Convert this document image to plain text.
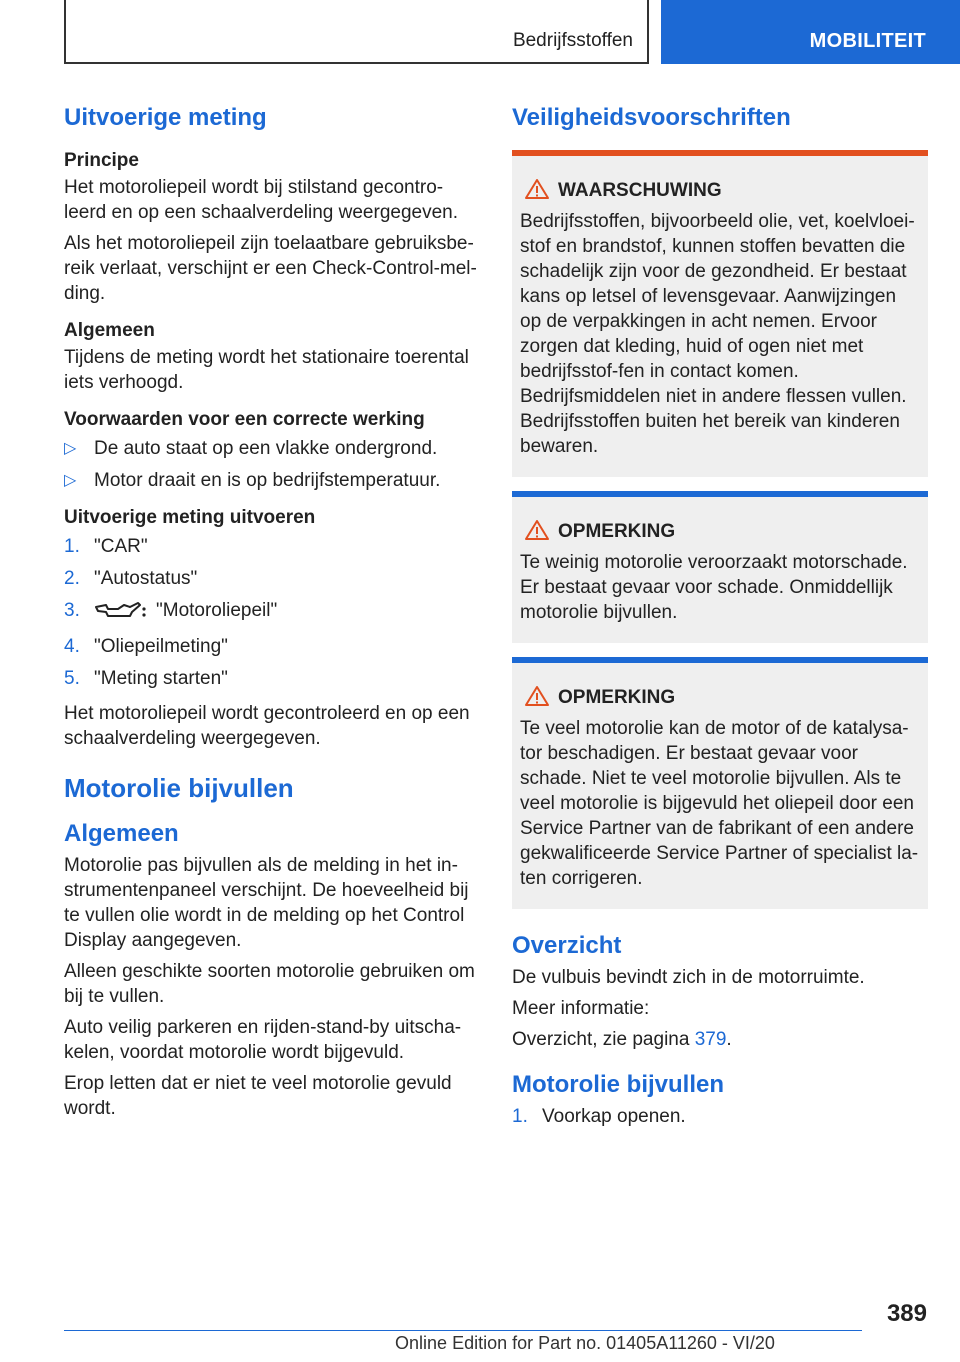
Bedrijfsstoffen	MOBILITEIT
Uitvoerige meting
Principe

Het motoroliepeil wordt bij stilstand gecontro-leerd en op een schaalverdeling weergegeven.

Als het motoroliepeil zijn toelaatbare gebruiksbe-reik verlaat, verschijnt er een Check-Control-mel-ding.

Algemeen

Tijdens de meting wordt het stationaire toerental iets verhoogd.

Voorwaarden voor een correcte werking
▷ De auto staat op een vlakke ondergrond.
▷ Motor draait en is op bedrijfstemperatuur.
Uitvoerige meting uitvoeren
1. "CAR"
2. "Autostatus"
3.	"Motoroliepeil"
4. "Oliepeilmeting"
5. "Meting starten"

Het motoroliepeil wordt gecontroleerd en op een schaalverdeling weergegeven.

Motorolie bijvullen
Algemeen

Motorolie pas bijvullen als de melding in het in-strumentenpaneel verschijnt. De hoeveelheid bij te vullen olie wordt in de melding op het Control Display aangegeven.

Alleen geschikte soorten motorolie gebruiken om bij te vullen.

Auto veilig parkeren en rijden-stand-by uitscha-kelen, voordat motorolie wordt bijgevuld.

Erop letten dat er niet te veel motorolie gevuld wordt.

Veiligheidsvoorschriften
WAARSCHUWING

Bedrijfsstoffen, bijvoorbeeld olie, vet, koelvloei-stof en brandstof, kunnen stoffen bevatten die schadelijk zijn voor de gezondheid. Er bestaat kans op letsel of levensgevaar. Aanwijzingen op de verpakkingen in acht nemen. Ervoor zorgen dat kleding, huid of ogen niet met bedrijfsstof-fen in contact komen. Bedrijfsmiddelen niet in andere flessen vullen. Bedrijfsstoffen buiten het bereik van kinderen bewaren.

OPMERKING

Te weinig motorolie veroorzaakt motorschade. Er bestaat gevaar voor schade. Onmiddellijk motorolie bijvullen.

OPMERKING

Te veel motorolie kan de motor of de katalysa-tor beschadigen. Er bestaat gevaar voor schade. Niet te veel motorolie bijvullen. Als te veel motorolie is bijgevuld het oliepeil door een Service Partner van de fabrikant of een andere gekwalificeerde Service Partner of specialist la-ten corrigeren.

Overzicht

De vulbuis bevindt zich in de motorruimte.

Meer informatie:

Overzicht, zie pagina 379.

Motorolie bijvullen
1. Voorkap openen.
389
Online Edition for Part no. 01405A11260 - VI/20
